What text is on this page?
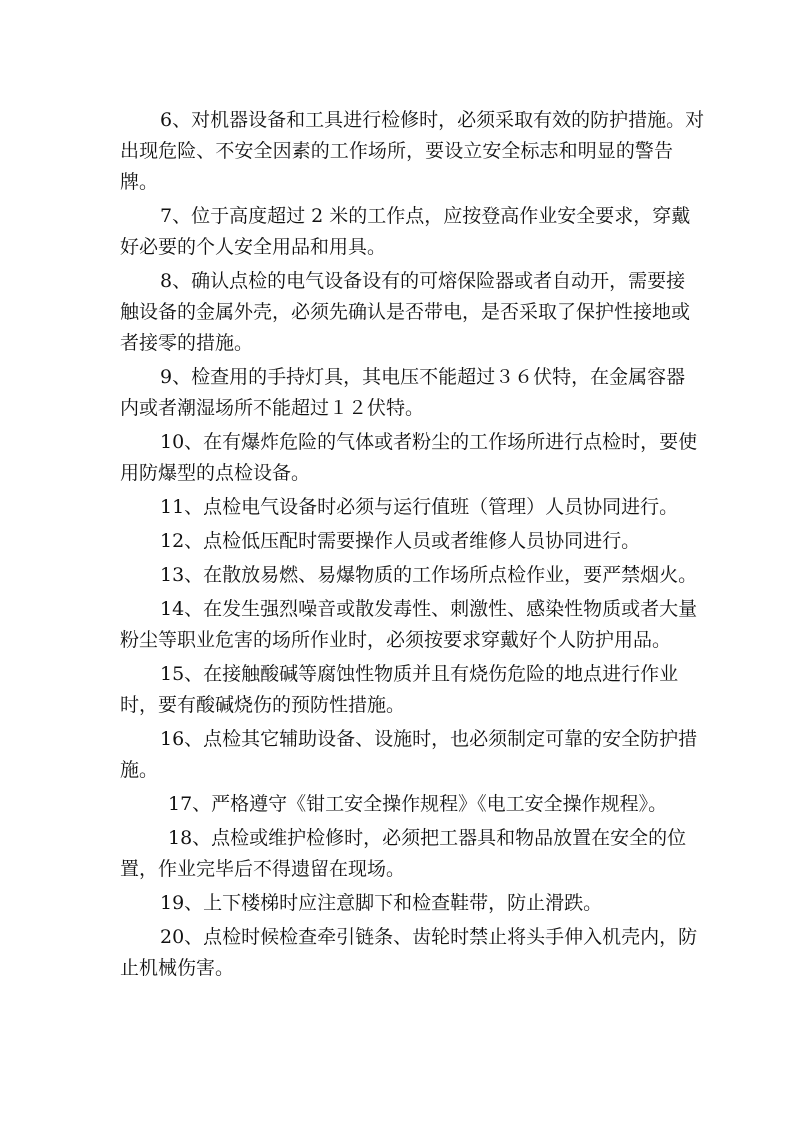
6、对机器设备和工具进行检修时，必须采取有效的防护措施。对
出现危险、不安全因素的工作场所，要设立安全标志和明显的警告
牌。

7、位于高度超过 2 米的工作点，应按登高作业安全要求，穿戴
好必要的个人安全用品和用具。

8、确认点检的电气设备设有的可熔保险器或者自动开，需要接
触设备的金属外壳，必须先确认是否带电，是否采取了保护性接地或
者接零的措施。

9、检查用的手持灯具，其电压不能超过３６伏特，在金属容器
内或者潮湿场所不能超过１２伏特。

10、在有爆炸危险的气体或者粉尘的工作场所进行点检时，要使
用防爆型的点检设备。

11、点检电气设备时必须与运行值班（管理）人员协同进行。

12、点检低压配时需要操作人员或者维修人员协同进行。

13、在散放易燃、易爆物质的工作场所点检作业，要严禁烟火。

14、在发生强烈噪音或散发毒性、刺激性、感染性物质或者大量
粉尘等职业危害的场所作业时，必须按要求穿戴好个人防护用品。

15、在接触酸碱等腐蚀性物质并且有烧伤危险的地点进行作业
时，要有酸碱烧伤的预防性措施。

16、点检其它辅助设备、设施时，也必须制定可靠的安全防护措
施。

17、严格遵守《钳工安全操作规程》《电工安全操作规程》。

18、点检或维护检修时，必须把工器具和物品放置在安全的位
置，作业完毕后不得遗留在现场。

19、上下楼梯时应注意脚下和检查鞋带，防止滑跌。

20、点检时候检查牵引链条、齿轮时禁止将头手伸入机壳内，防
止机械伤害。
